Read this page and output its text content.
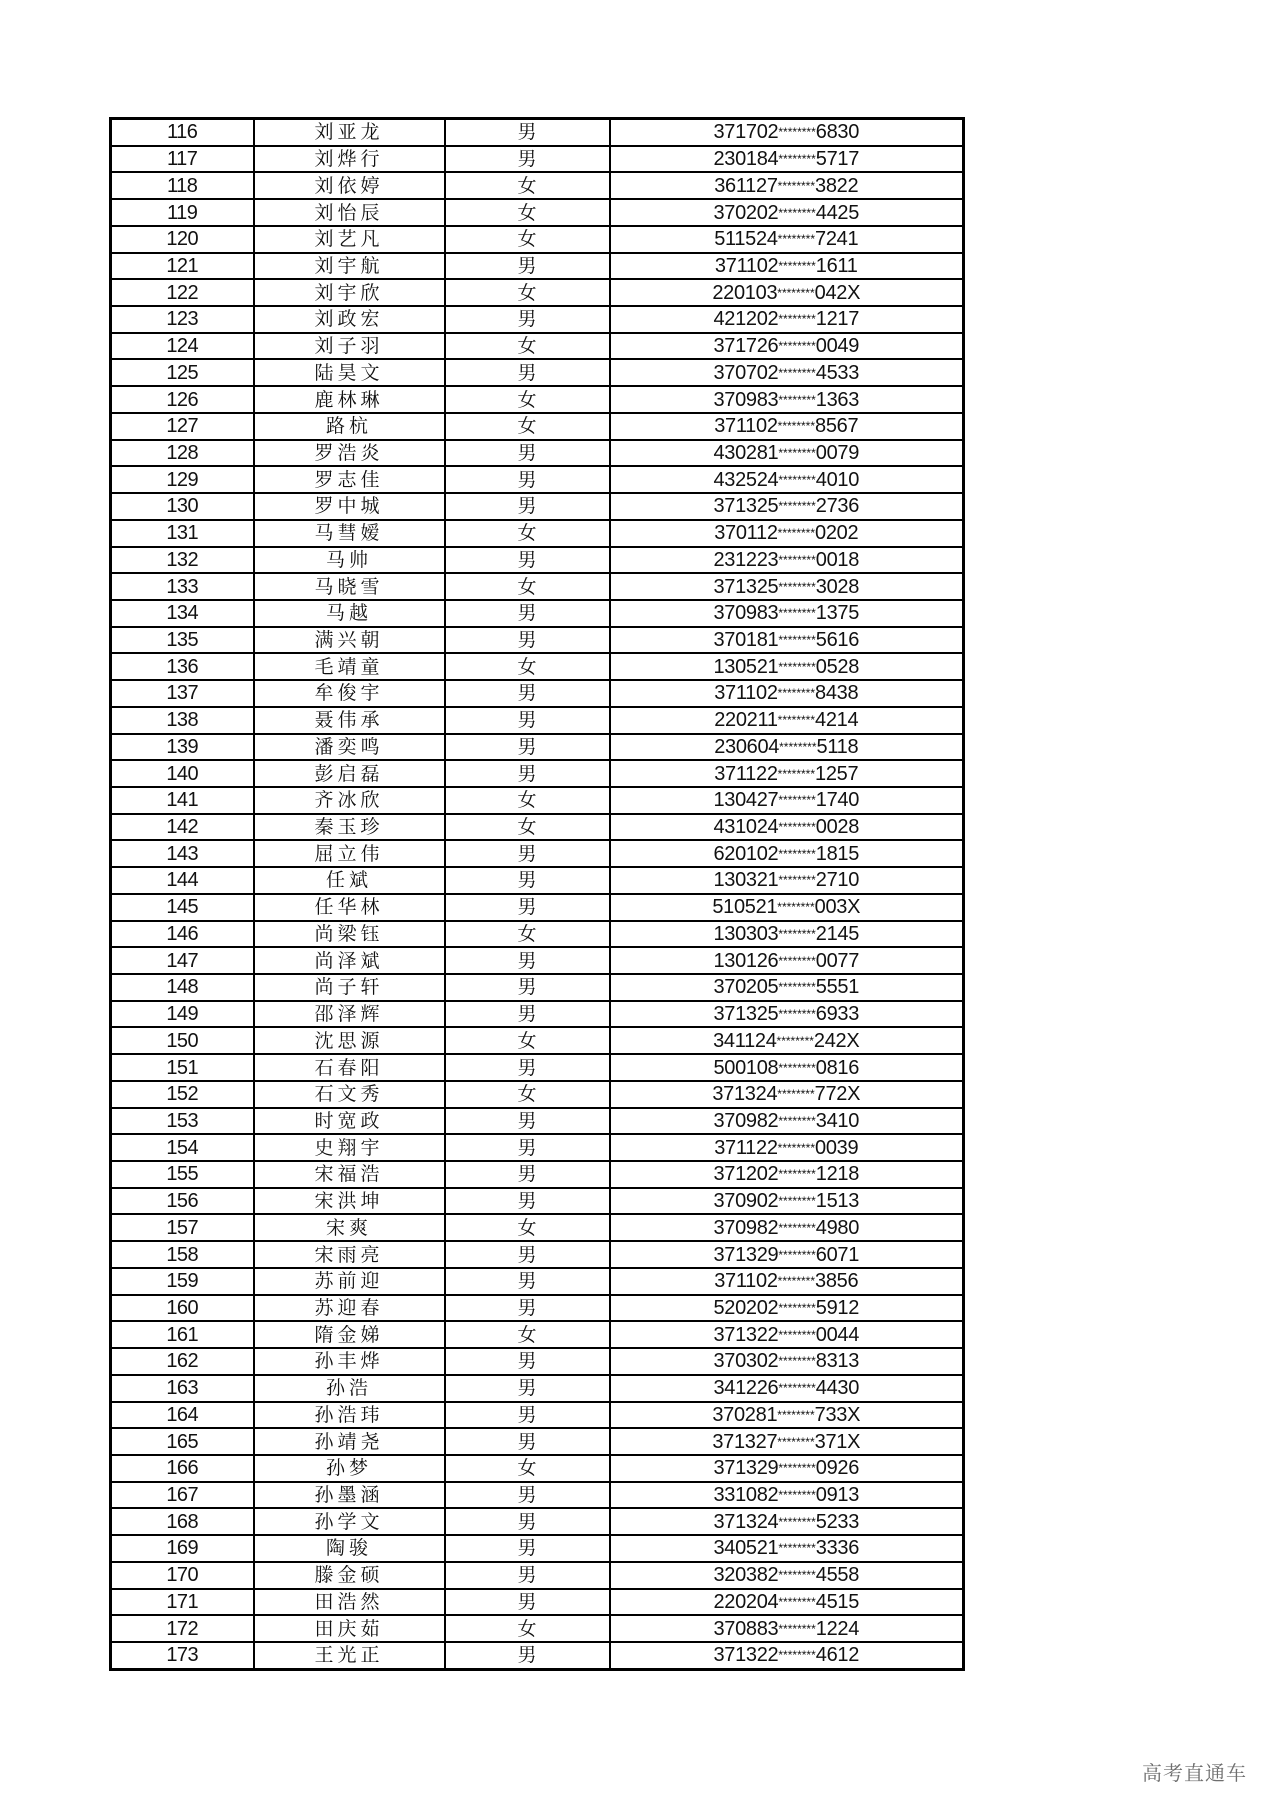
116	刘亚龙	男	371702********6830
117	刘烨行	男	230184********5717
118	刘依婷	女	361127********3822
119	刘怡辰	女	370202********4425
120	刘艺凡	女	511524********7241
121	刘宇航	男	371102********1611
122	刘宇欣	女	220103********042X
123	刘政宏	男	421202********1217
124	刘子羽	女	371726********0049
125	陆昊文	男	370702********4533
126	鹿林琳	女	370983********1363
127	路杭	女	371102********8567
128	罗浩炎	男	430281********0079
129	罗志佳	男	432524********4010
130	罗中城	男	371325********2736
131	马彗嫒	女	370112********0202
132	马帅	男	231223********0018
133	马晓雪	女	371325********3028
134	马越	男	370983********1375
135	满兴朝	男	370181********5616
136	毛靖童	女	130521********0528
137	牟俊宇	男	371102********8438
138	聂伟承	男	220211********4214
139	潘奕鸣	男	230604********5118
140	彭启磊	男	371122********1257
141	齐冰欣	女	130427********1740
142	秦玉珍	女	431024********0028
143	屈立伟	男	620102********1815
144	任斌	男	130321********2710
145	任华林	男	510521********003X
146	尚梁钰	女	130303********2145
147	尚泽斌	男	130126********0077
148	尚子轩	男	370205********5551
149	邵泽辉	男	371325********6933
150	沈思源	女	341124********242X
151	石春阳	男	500108********0816
152	石文秀	女	371324********772X
153	时宽政	男	370982********3410
154	史翔宇	男	371122********0039
155	宋福浩	男	371202********1218
156	宋洪坤	男	370902********1513
157	宋爽	女	370982********4980
158	宋雨亮	男	371329********6071
159	苏前迎	男	371102********3856
160	苏迎春	男	520202********5912
161	隋金娣	女	371322********0044
162	孙丰烨	男	370302********8313
163	孙浩	男	341226********4430
164	孙浩玮	男	370281********733X
165	孙靖尧	男	371327********371X
166	孙梦	女	371329********0926
167	孙墨涵	男	331082********0913
168	孙学文	男	371324********5233
169	陶骏	男	340521********3336
170	滕金硕	男	320382********4558
171	田浩然	男	220204********4515
172	田庆茹	女	370883********1224
173	王光正	男	371322********4612
高考直通车
